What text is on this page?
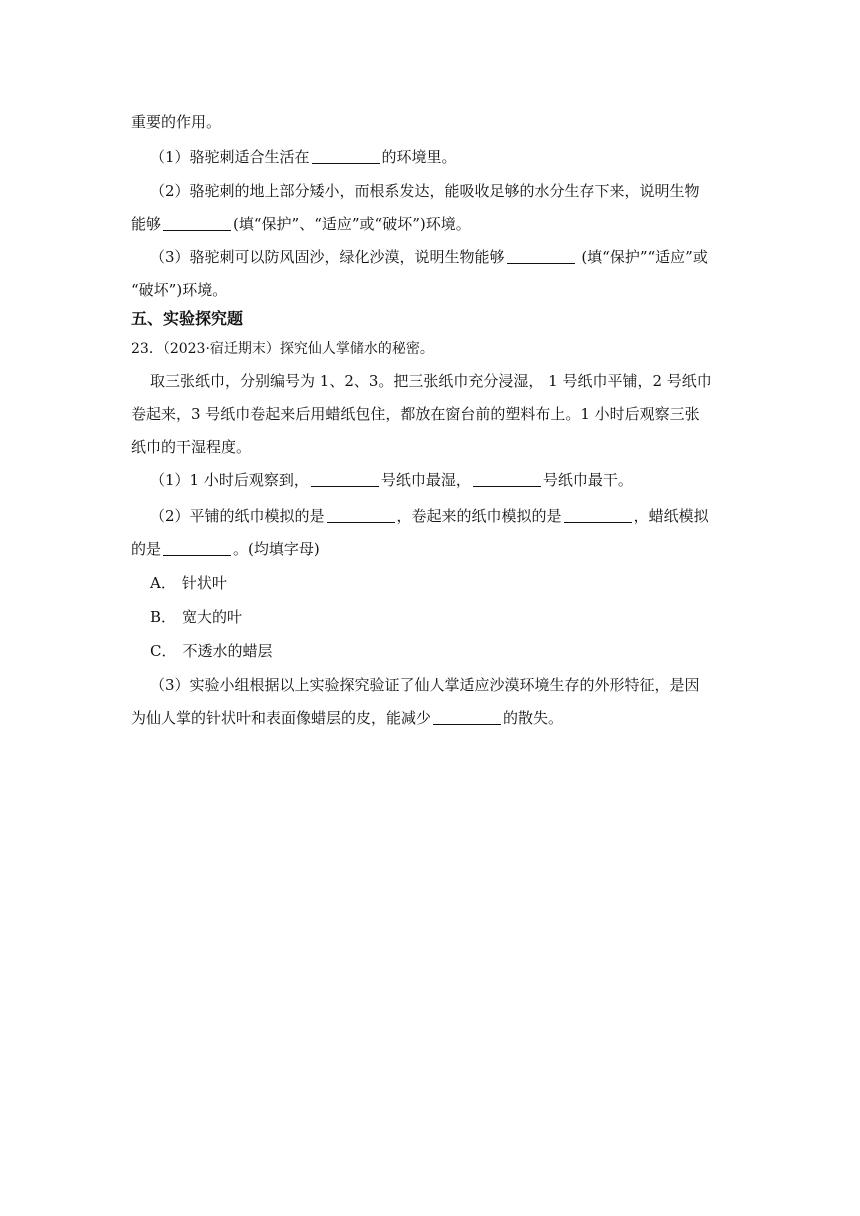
重要的作用。
（1）骆驼刺适合生活在	的环境里。
（2）骆驼刺的地上部分矮小，而根系发达，能吸收足够的水分生存下来，说明生物
能够	(填“保护”、“适应”或“破坏”)环境。
（3）骆驼刺可以防风固沙，绿化沙漠，说明生物能够	(填“保护”“适应”或
“破坏”)环境。
五、实验探究题
23．（2023·宿迁期末）探究仙人掌储水的秘密。
取三张纸巾，分别编号为 1、2、3。把三张纸巾充分浸湿， 1 号纸巾平铺，2 号纸巾
卷起来，3 号纸巾卷起来后用蜡纸包住，都放在窗台前的塑料布上。1 小时后观察三张
纸巾的干湿程度。
（1）1 小时后观察到，	号纸巾最湿，	号纸巾最干。
（2）平铺的纸巾模拟的是	，卷起来的纸巾模拟的是	，蜡纸模拟
的是	。(均填字母)
A． 针状叶
B． 宽大的叶
C． 不透水的蜡层
（3）实验小组根据以上实验探究验证了仙人掌适应沙漠环境生存的外形特征，是因
为仙人掌的针状叶和表面像蜡层的皮，能减少	的散失。
